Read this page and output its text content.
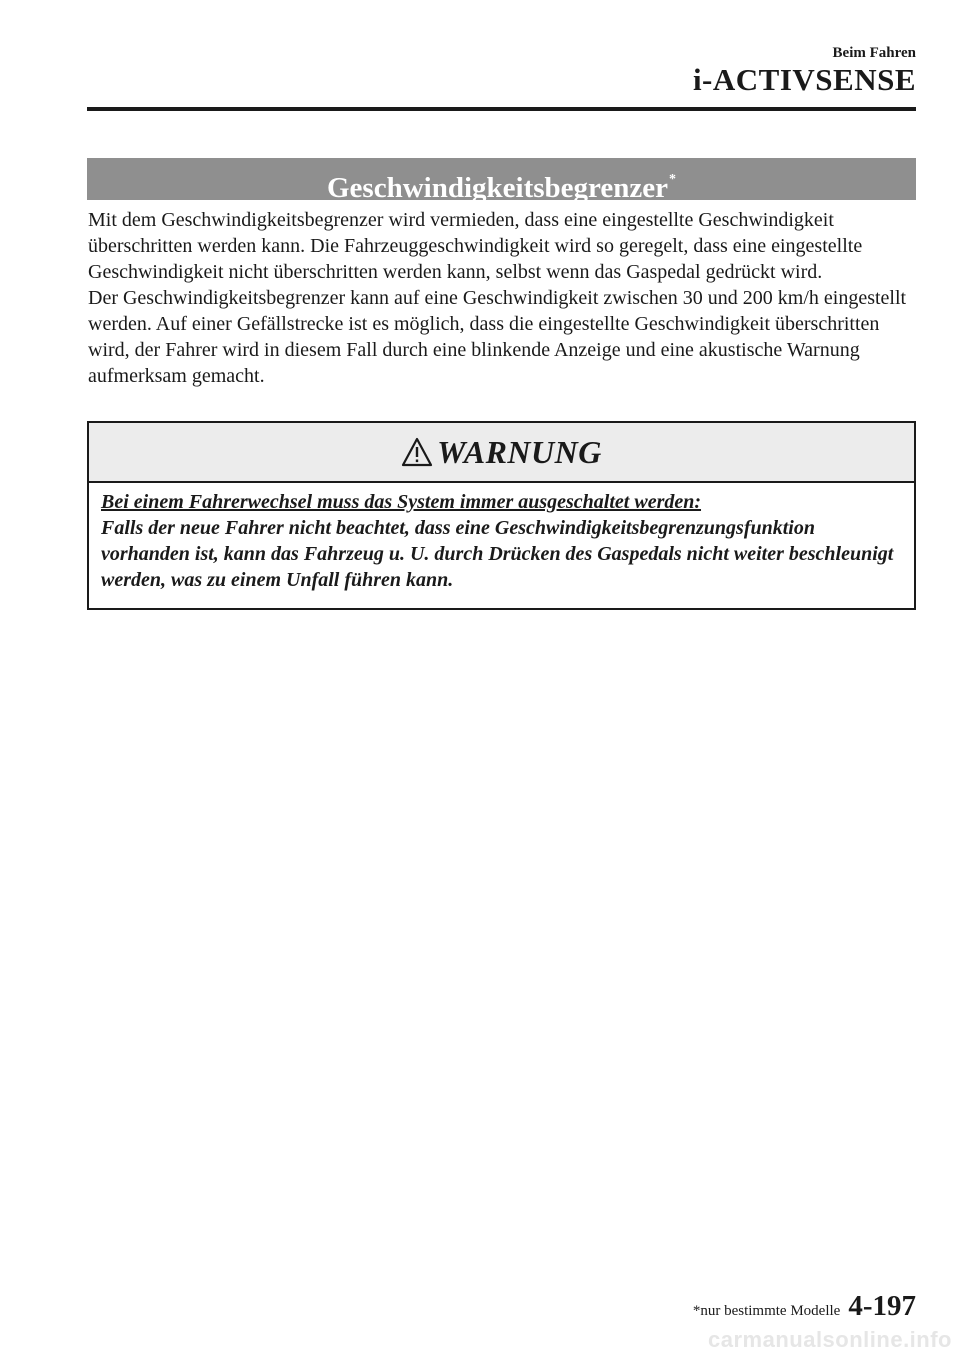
Beim Fahren
i-ACTIVSENSE
Geschwindigkeitsbegrenzer*

Mit dem Geschwindigkeitsbegrenzer wird vermieden, dass eine eingestellte Geschwindigkeit überschritten werden kann. Die Fahrzeuggeschwindigkeit wird so geregelt, dass eine eingestellte Geschwindigkeit nicht überschritten werden kann, selbst wenn das Gaspedal gedrückt wird.

Der Geschwindigkeitsbegrenzer kann auf eine Geschwindigkeit zwischen 30 und 200 km/h eingestellt werden. Auf einer Gefällstrecke ist es möglich, dass die eingestellte Geschwindigkeit überschritten wird, der Fahrer wird in diesem Fall durch eine blinkende Anzeige und eine akustische Warnung aufmerksam gemacht.

WARNUNG

Bei einem Fahrerwechsel muss das System immer ausgeschaltet werden:

Falls der neue Fahrer nicht beachtet, dass eine Geschwindigkeitsbegrenzungsfunktion vorhanden ist, kann das Fahrzeug u. U. durch Drücken des Gaspedals nicht weiter beschleunigt werden, was zu einem Unfall führen kann.

*nur bestimmte Modelle 4-197
carmanualsonline.info
